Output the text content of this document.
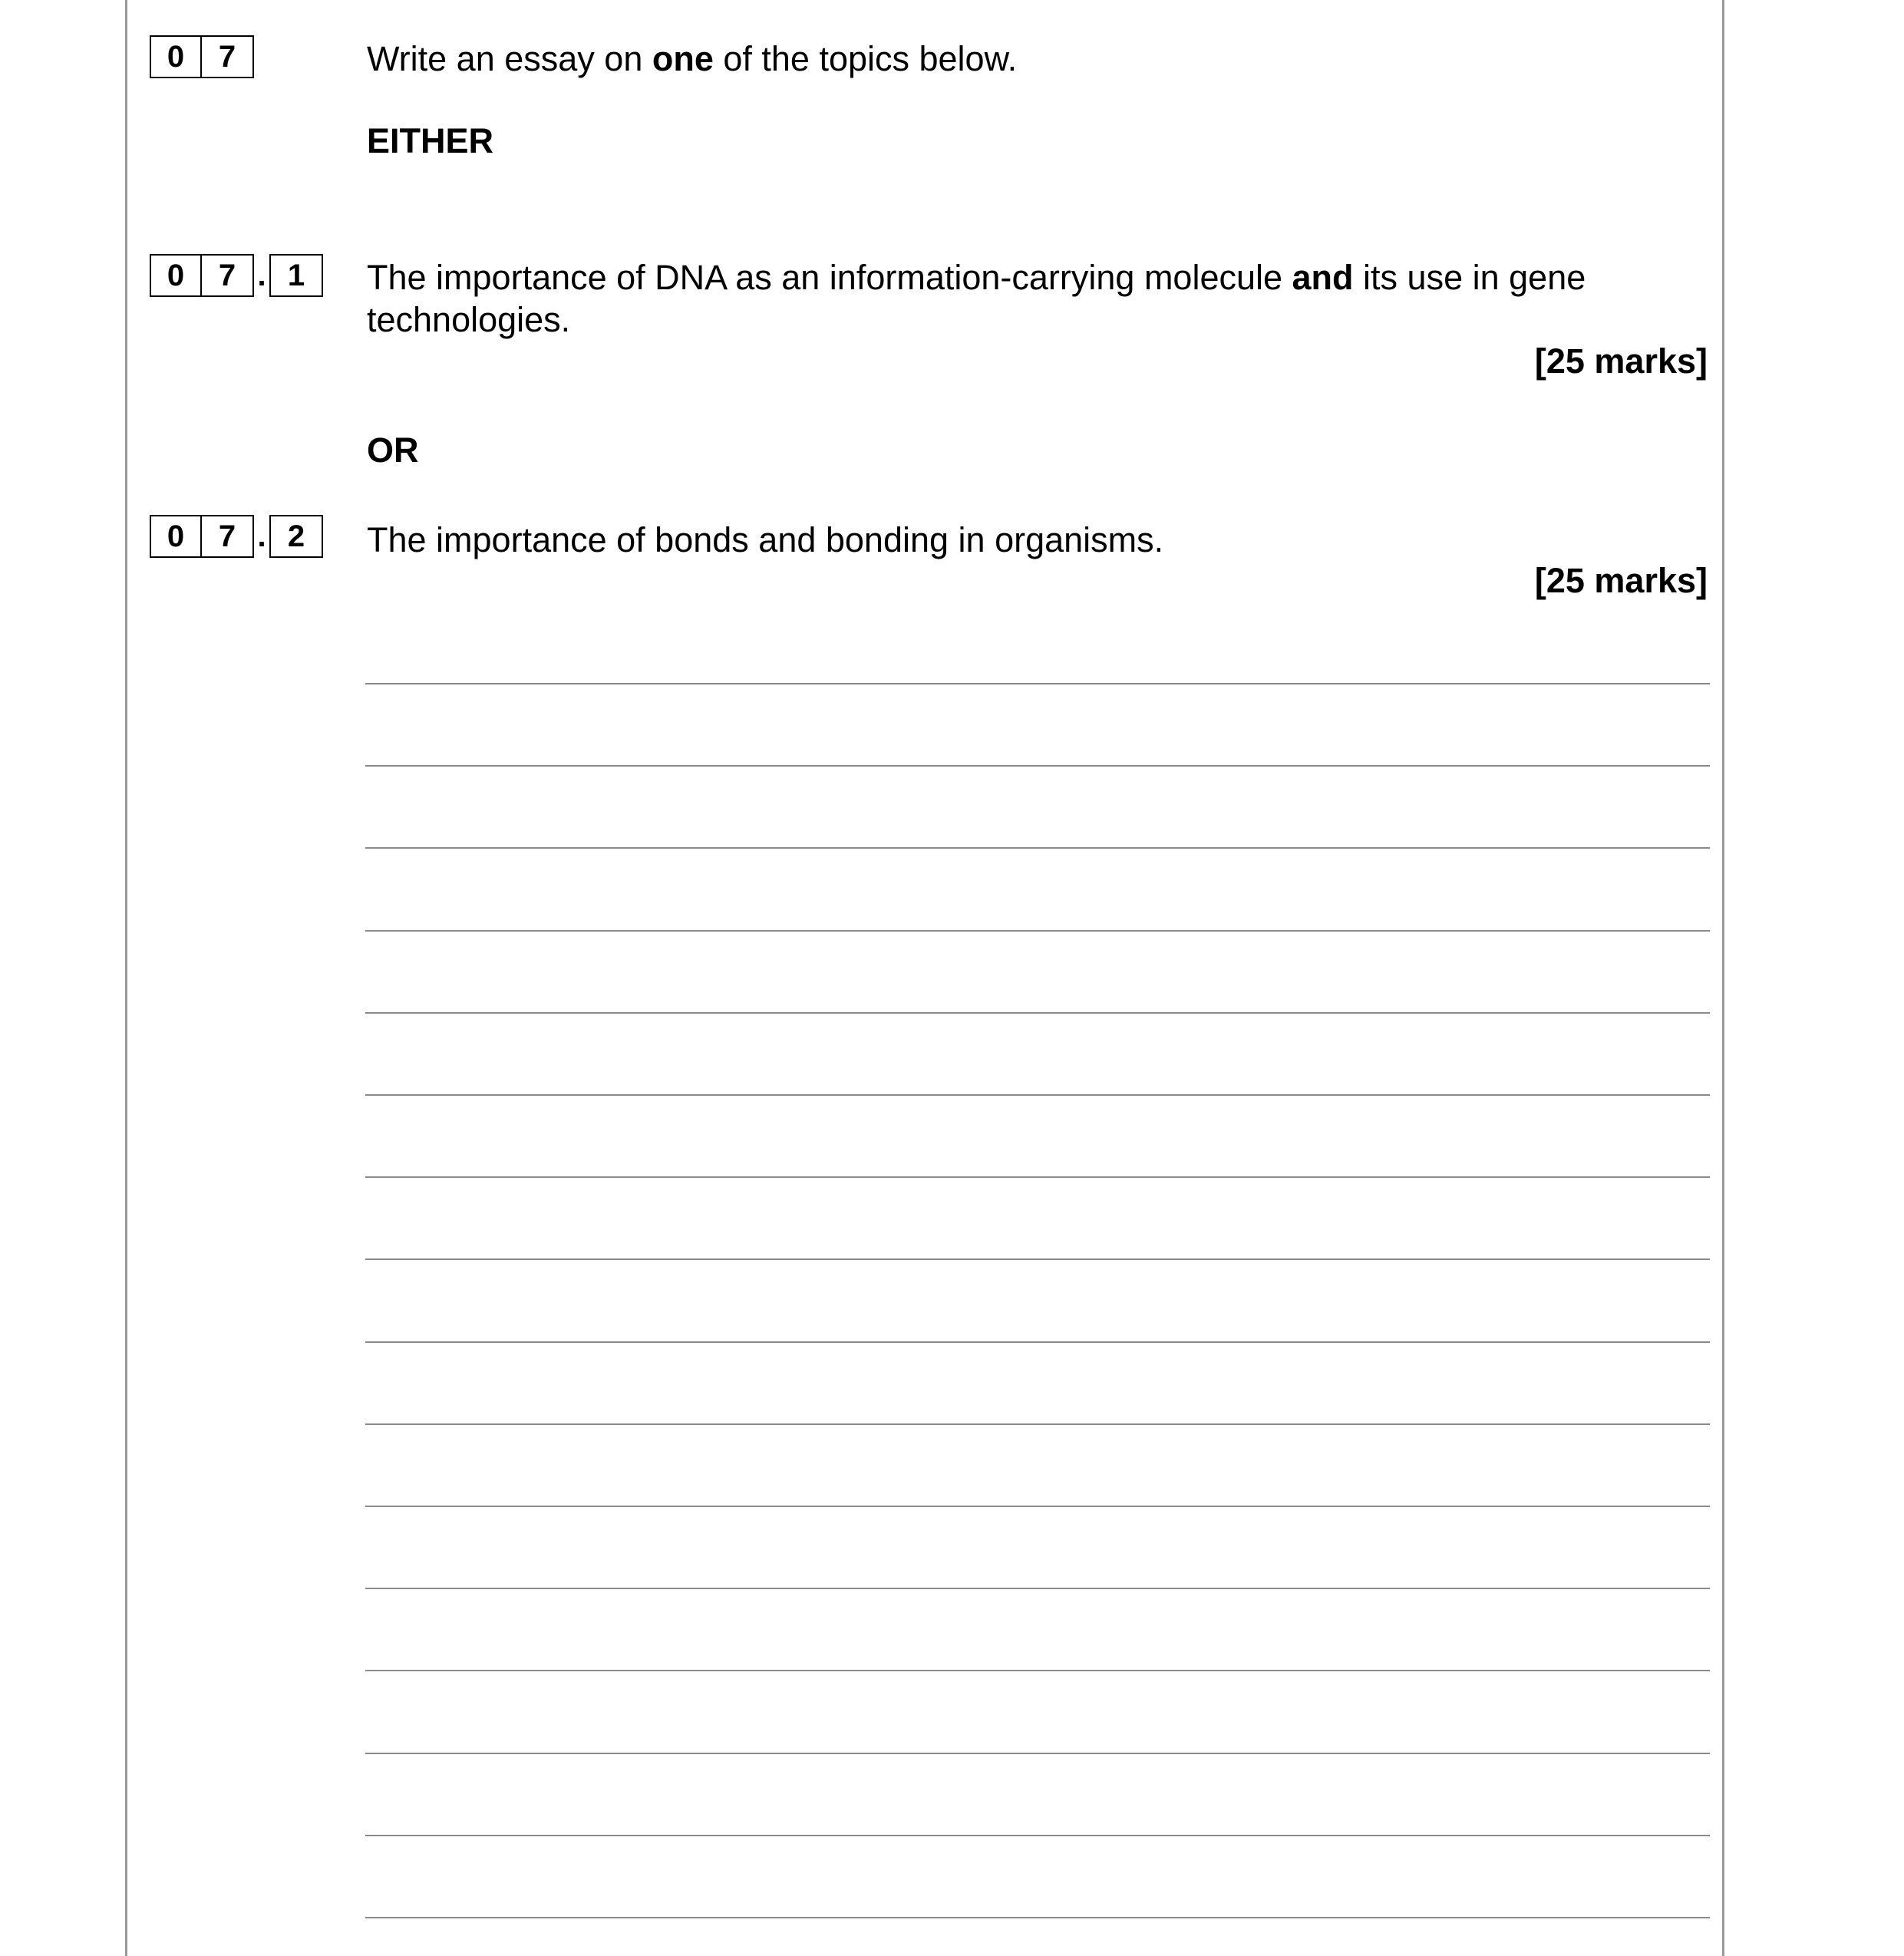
0	7	Write an essay on one of the topics below.
EITHER
0	7 . 1	The importance of DNA as an information-carrying molecule and its use in gene
technologies.
[25 marks]
OR
0	7 . 2	The importance of bonds and bonding in organisms.
[25 marks]
